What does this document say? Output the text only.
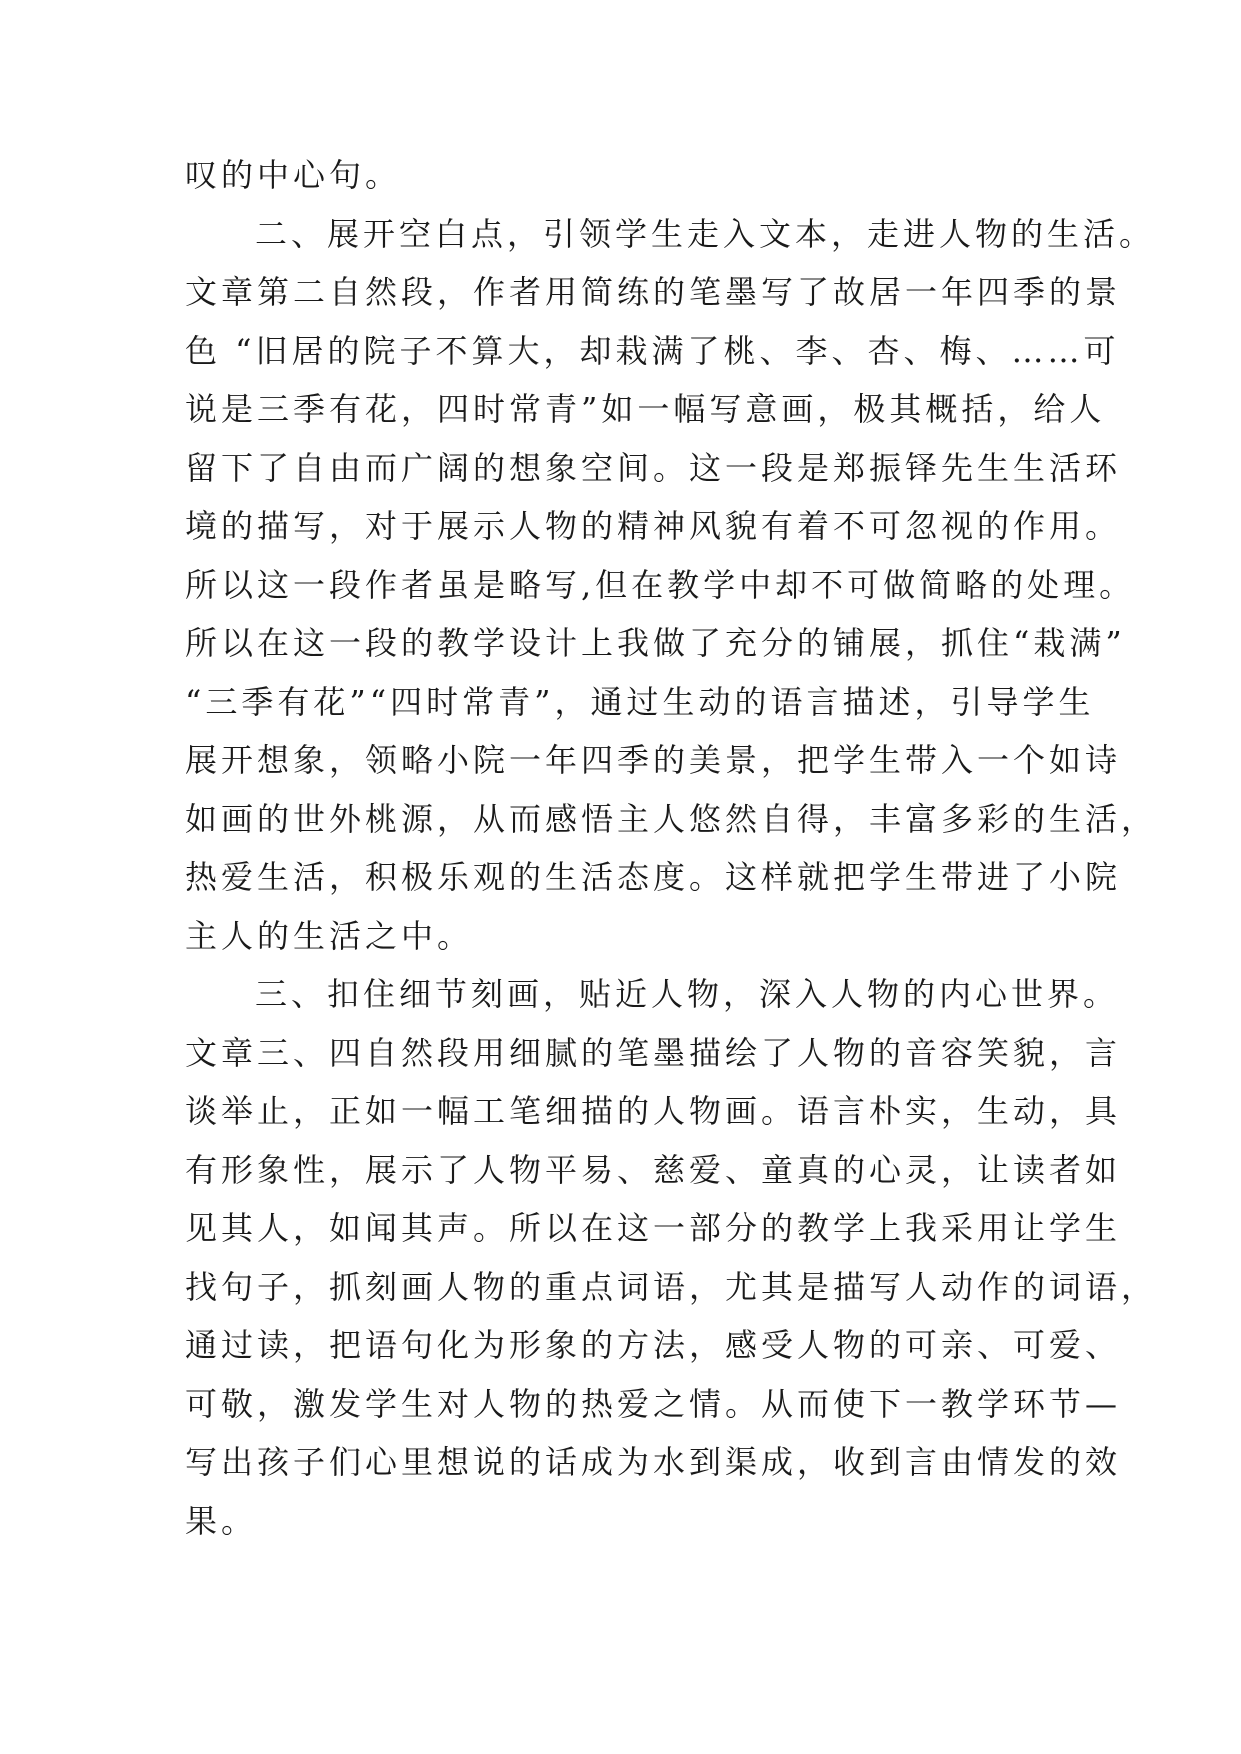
叹的中心句。
二、展开空白点，引领学生走入文本，走进人物的生活。
文章第二自然段，作者用简练的笔墨写了故居一年四季的景
色 “旧居的院子不算大，却栽满了桃、李、杏、梅、……可
说是三季有花，四时常青”如一幅写意画，极其概括，给人
留下了自由而广阔的想象空间。这一段是郑振铎先生生活环
境的描写，对于展示人物的精神风貌有着不可忽视的作用。
所以这一段作者虽是略写,但在教学中却不可做简略的处理。
所以在这一段的教学设计上我做了充分的铺展，抓住“栽满”
“三季有花”“四时常青”，通过生动的语言描述，引导学生
展开想象，领略小院一年四季的美景，把学生带入一个如诗
如画的世外桃源，从而感悟主人悠然自得，丰富多彩的生活，
热爱生活，积极乐观的生活态度。这样就把学生带进了小院
主人的生活之中。
三、扣住细节刻画，贴近人物，深入人物的内心世界。
文章三、四自然段用细腻的笔墨描绘了人物的音容笑貌，言
谈举止，正如一幅工笔细描的人物画。语言朴实，生动，具
有形象性，展示了人物平易、慈爱、童真的心灵，让读者如
见其人，如闻其声。所以在这一部分的教学上我采用让学生
找句子，抓刻画人物的重点词语，尤其是描写人动作的词语，
通过读，把语句化为形象的方法，感受人物的可亲、可爱、
可敬，激发学生对人物的热爱之情。从而使下一教学环节—
写出孩子们心里想说的话成为水到渠成，收到言由情发的效
果。
